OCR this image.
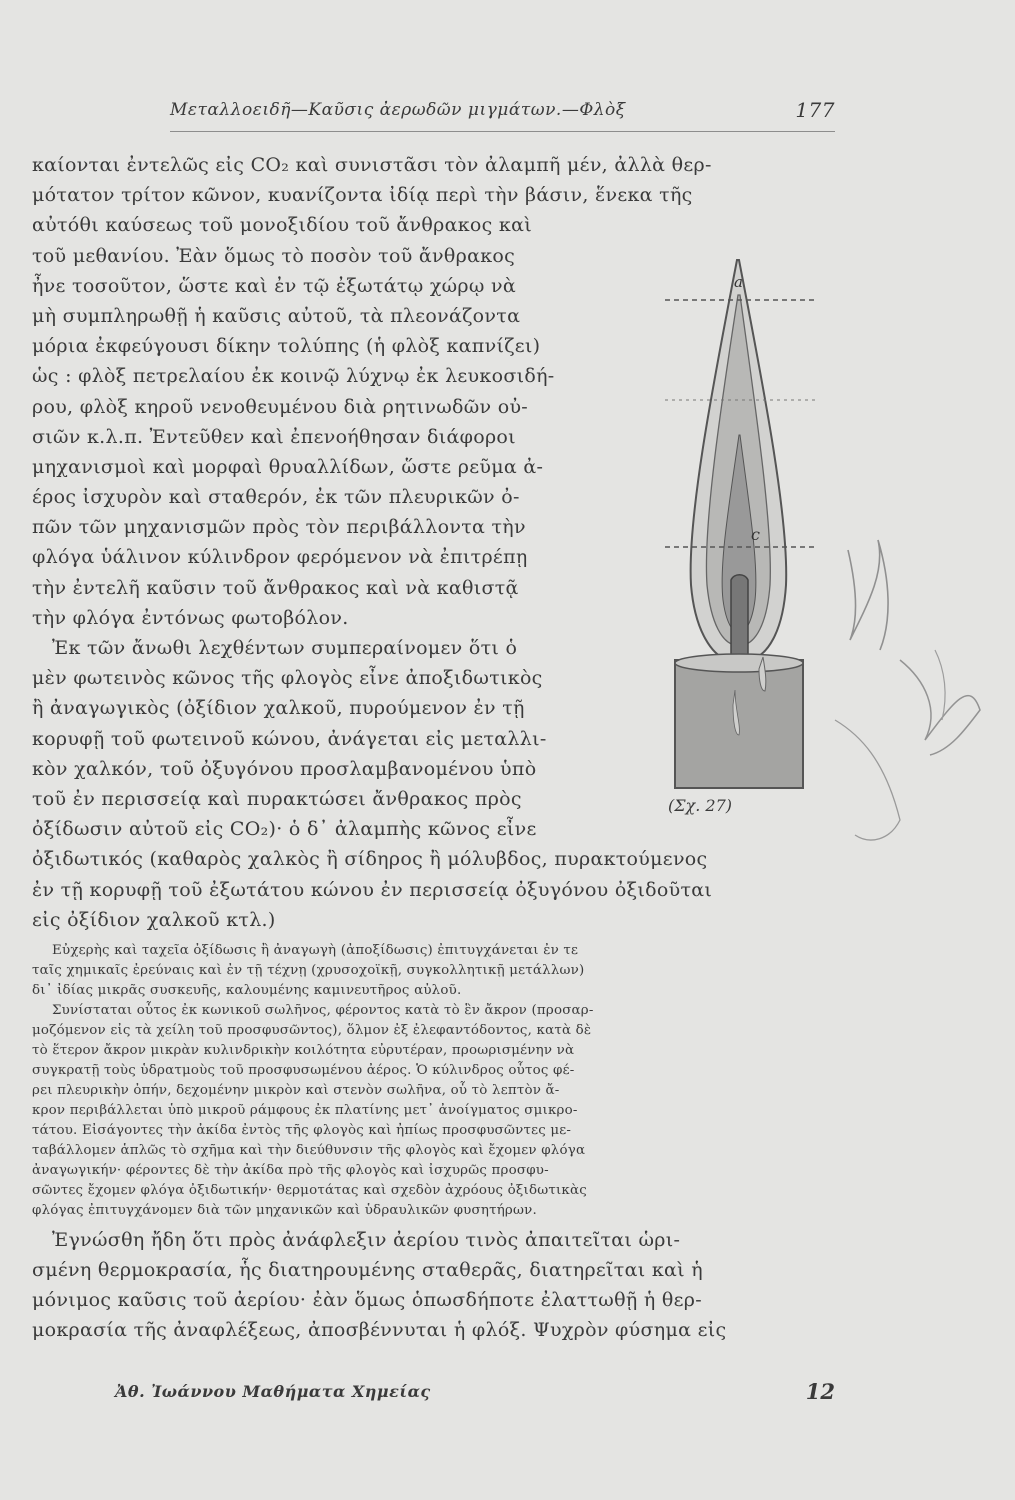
Μεταλλοειδῆ—Καῦσις ἀερωδῶν μιγμάτων.—Φλὸξ	177
καίονται ἐντελῶς εἰς CO₂ καὶ συνιστᾶσι τὸν ἀλαμπῆ μέν, ἀλλὰ θερ-
μότατον τρίτον κῶνον, κυανίζοντα ἰδίᾳ περὶ τὴν βάσιν, ἕνεκα τῆς
αὐτόθι καύσεως τοῦ μονοξιδίου τοῦ ἄνθρακος καὶ
τοῦ μεθανίου. Ἐὰν ὅμως τὸ ποσὸν τοῦ ἄνθρακος
ἦνε τοσοῦτον, ὥστε καὶ ἐν τῷ ἐξωτάτῳ χώρῳ νὰ
μὴ συμπληρωθῇ ἡ καῦσις αὐτοῦ, τὰ πλεονάζοντα
μόρια ἐκφεύγουσι δίκην τολύπης (ἡ φλὸξ καπνίζει)
ὡς : φλὸξ πετρελαίου ἐκ κοινῷ λύχνῳ ἐκ λευκοσιδή-
ρου, φλὸξ κηροῦ νενοθευμένου διὰ ρητινωδῶν οὐ-
σιῶν κ.λ.π. Ἐντεῦθεν καὶ ἐπενοήθησαν διάφοροι
μηχανισμοὶ καὶ μορφαὶ θρυαλλίδων, ὥστε ρεῦμα ἀ-
έρος ἰσχυρὸν καὶ σταθερόν, ἐκ τῶν πλευρικῶν ὀ-
πῶν τῶν μηχανισμῶν πρὸς τὸν περιβάλλοντα τὴν
φλόγα ὑάλινον κύλινδρον φερόμενον νὰ ἐπιτρέπῃ
τὴν ἐντελῆ καῦσιν τοῦ ἄνθρακος καὶ νὰ καθιστᾷ
τὴν φλόγα ἐντόνως φωτοβόλον.
Ἐκ τῶν ἄνωθι λεχθέντων συμπεραίνομεν ὅτι ὁ
μὲν φωτεινὸς κῶνος τῆς φλογὸς εἶνε ἀποξιδωτικὸς
ἢ ἀναγωγικὸς (ὀξίδιον χαλκοῦ, πυρούμενον ἐν τῇ
κορυφῇ τοῦ φωτεινοῦ κώνου, ἀνάγεται εἰς μεταλλι-
κὸν χαλκόν, τοῦ ὀξυγόνου προσλαμβανομένου ὑπὸ
τοῦ ἐν περισσείᾳ καὶ πυρακτώσει ἄνθρακος πρὸς
ὀξίδωσιν αὐτοῦ εἰς CO₂)· ὁ δ᾽ ἀλαμπὴς κῶνος εἶνε
ὀξιδωτικός (καθαρὸς χαλκὸς ἢ σίδηρος ἢ μόλυβδος, πυρακτούμενος
ἐν τῇ κορυφῇ τοῦ ἐξωτάτου κώνου ἐν περισσείᾳ ὀξυγόνου ὀξιδοῦται
εἰς ὀξίδιον χαλκοῦ κτλ.)
Εὐχερὴς καὶ ταχεῖα ὀξίδωσις ἢ ἀναγωγὴ (ἀποξίδωσις) ἐπιτυγχάνεται ἐν τε
ταῖς χημικαῖς ἐρεύναις καὶ ἐν τῇ τέχνῃ (χρυσοχοϊκῇ, συγκολλητικῇ μετάλλων)
δι᾽ ἰδίας μικρᾶς συσκευῆς, καλουμένης καμινευτῆρος αὐλοῦ.
Συνίσταται οὗτος ἐκ κωνικοῦ σωλῆνος, φέροντος κατὰ τὸ ἓν ἄκρον (προσαρ-
μοζόμενον εἰς τὰ χείλη τοῦ προσφυσῶντος), ὅλμον ἐξ ἐλεφαντόδοντος, κατὰ δὲ
τὸ ἕτερον ἄκρον μικρὰν κυλινδρικὴν κοιλότητα εὐρυτέραν, προωρισμένην νὰ
συγκρατῇ τοὺς ὑδρατμοὺς τοῦ προσφυσωμένου ἀέρος. Ὁ κύλινδρος οὗτος φέ-
ρει πλευρικὴν ὀπήν, δεχομένην μικρὸν καὶ στενὸν σωλῆνα, οὗ τὸ λεπτὸν ἄ-
κρον περιβάλλεται ὑπὸ μικροῦ ράμφους ἐκ πλατίνης μετ᾽ ἀνοίγματος σμικρο-
τάτου. Εἰσάγοντες τὴν ἀκίδα ἐντὸς τῆς φλογὸς καὶ ἠπίως προσφυσῶντες με-
ταβάλλομεν ἁπλῶς τὸ σχῆμα καὶ τὴν διεύθυνσιν τῆς φλογὸς καὶ ἔχομεν φλόγα
ἀναγωγικήν· φέροντες δὲ τὴν ἀκίδα πρὸ τῆς φλογὸς καὶ ἰσχυρῶς προσφυ-
σῶντες ἔχομεν φλόγα ὀξιδωτικήν· θερμοτάτας καὶ σχεδὸν ἀχρόους ὀξιδωτικὰς
φλόγας ἐπιτυγχάνομεν διὰ τῶν μηχανικῶν καὶ ὑδραυλικῶν φυσητήρων.
Ἐγνώσθη ἤδη ὅτι πρὸς ἀνάφλεξιν ἀερίου τινὸς ἀπαιτεῖται ὡρι-
σμένη θερμοκρασία, ἧς διατηρουμένης σταθερᾶς, διατηρεῖται καὶ ἡ
μόνιμος καῦσις τοῦ ἀερίου· ἐὰν ὅμως ὁπωσδήποτε ἐλαττωθῇ ἡ θερ-
μοκρασία τῆς ἀναφλέξεως, ἀποσβέννυται ἡ φλόξ. Ψυχρὸν φύσημα εἰς
a
c
(Σχ. 27)
Ἀθ. Ἰωάννου Μαθήματα Χημείας	12
